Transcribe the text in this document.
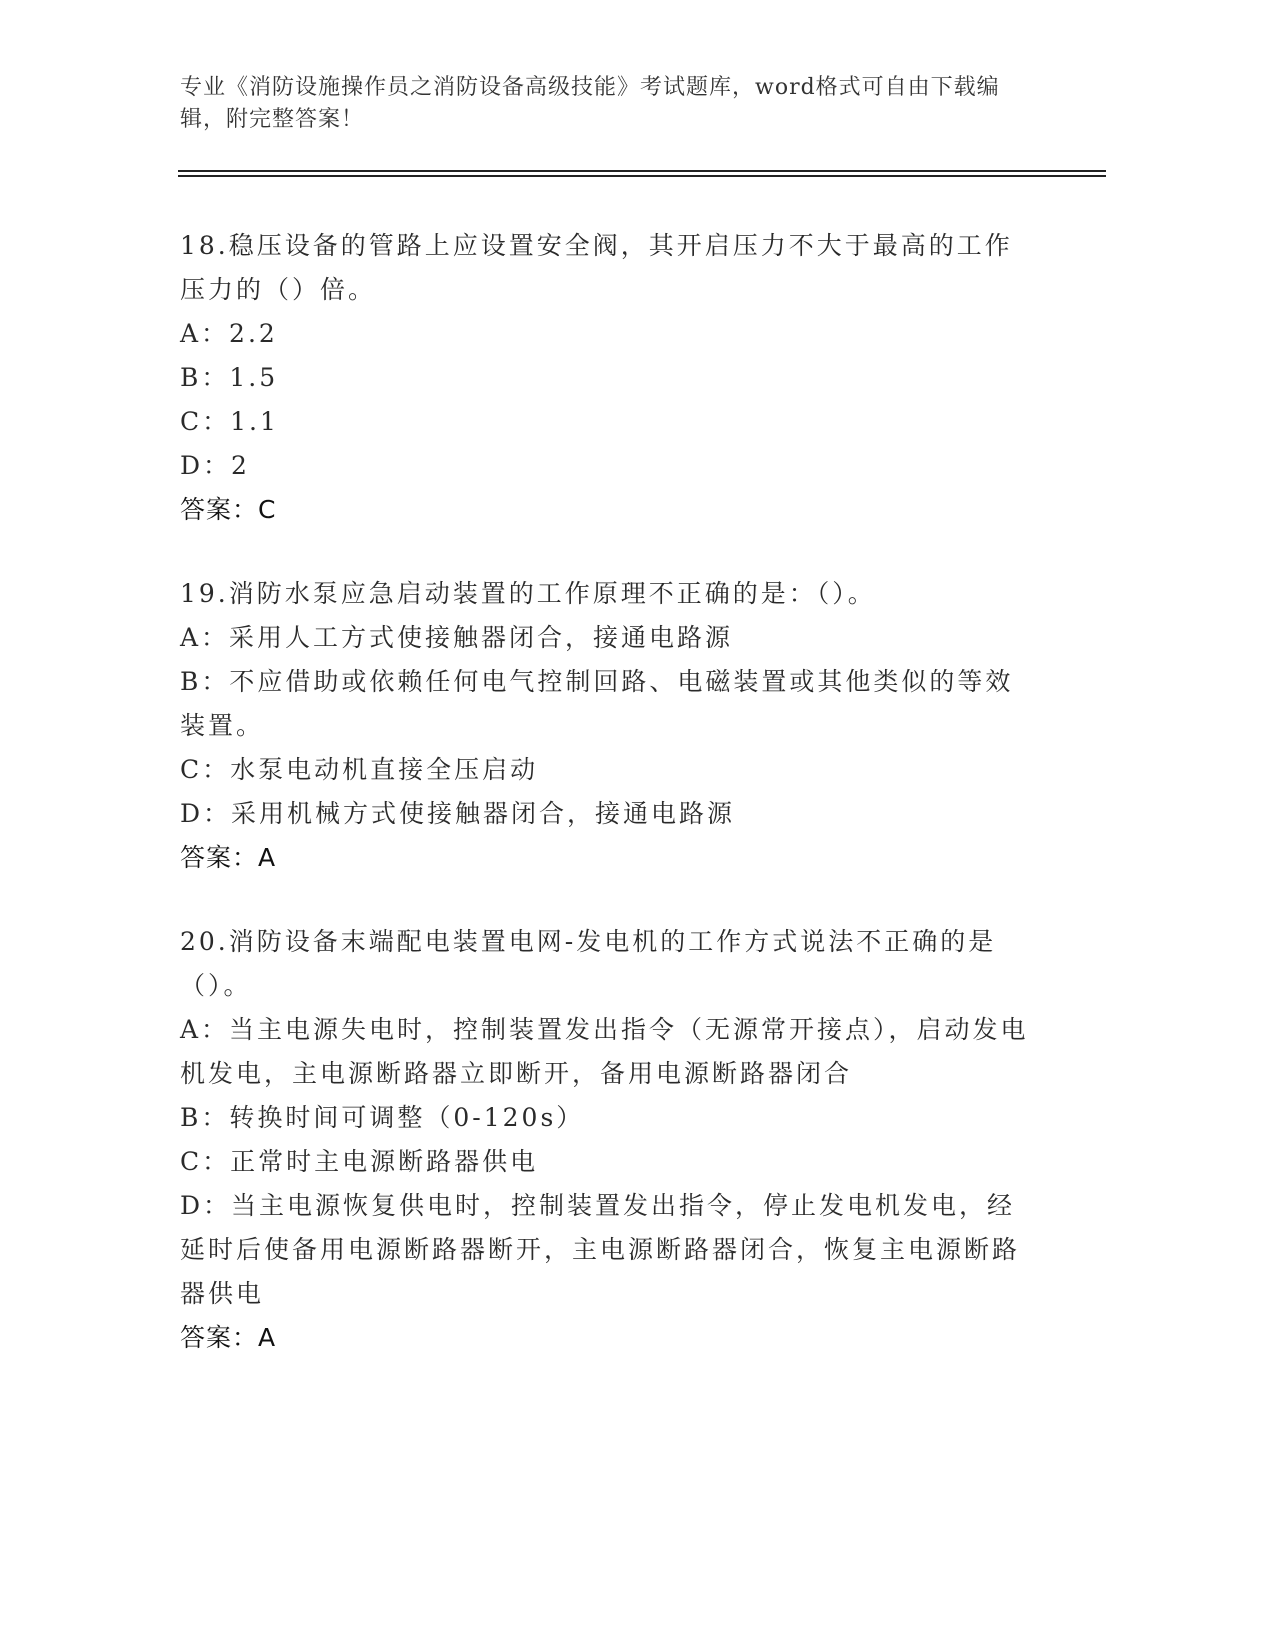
专业《消防设施操作员之消防设备高级技能》考试题库，word格式可自由下载编辑，附完整答案！
18.稳压设备的管路上应设置安全阀，其开启压力不大于最高的工作压力的（）倍。
A：2.2
B：1.5
C：1.1
D：2
答案：C
19.消防水泵应急启动装置的工作原理不正确的是：（）。
A：采用人工方式使接触器闭合，接通电路源
B：不应借助或依赖任何电气控制回路、电磁装置或其他类似的等效装置。
C：水泵电动机直接全压启动
D：采用机械方式使接触器闭合，接通电路源
答案：A
20.消防设备末端配电装置电网-发电机的工作方式说法不正确的是（）。
A：当主电源失电时，控制装置发出指令（无源常开接点），启动发电机发电，主电源断路器立即断开，备用电源断路器闭合
B：转换时间可调整（0-120s）
C：正常时主电源断路器供电
D：当主电源恢复供电时，控制装置发出指令，停止发电机发电，经延时后使备用电源断路器断开，主电源断路器闭合，恢复主电源断路器供电
答案：A
